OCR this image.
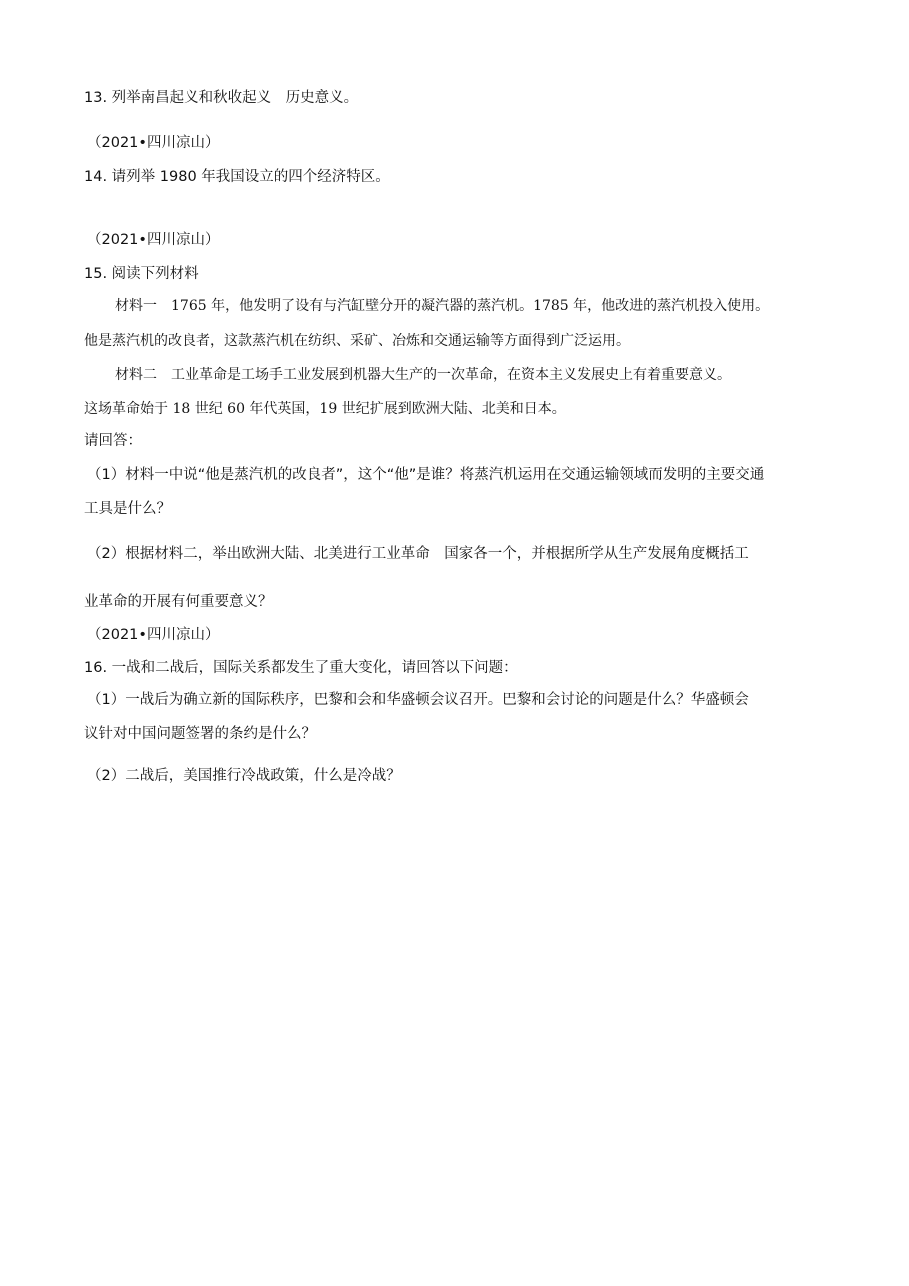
13. 列举南昌起义和秋收起义　历史意义。
（2021•四川凉山）
14. 请列举 1980 年我国设立的四个经济特区。
（2021•四川凉山）
15. 阅读下列材料
材料一　1765 年，他发明了设有与汽缸壁分开的凝汽器的蒸汽机。1785 年，他改进的蒸汽机投入使用。
他是蒸汽机的改良者，这款蒸汽机在纺织、采矿、冶炼和交通运输等方面得到广泛运用。
材料二　工业革命是工场手工业发展到机器大生产的一次革命，在资本主义发展史上有着重要意义。
这场革命始于 18 世纪 60 年代英国，19 世纪扩展到欧洲大陆、北美和日本。
请回答：
（1）材料一中说“他是蒸汽机的改良者”，这个“他”是谁？将蒸汽机运用在交通运输领域而发明的主要交通
工具是什么？
（2）根据材料二，举出欧洲大陆、北美进行工业革命　国家各一个，并根据所学从生产发展角度概括工
业革命的开展有何重要意义？
（2021•四川凉山）
16. 一战和二战后，国际关系都发生了重大变化，请回答以下问题：
（1）一战后为确立新的国际秩序，巴黎和会和华盛顿会议召开。巴黎和会讨论的问题是什么？华盛顿会
议针对中国问题签署的条约是什么？
（2）二战后，美国推行冷战政策，什么是冷战？
